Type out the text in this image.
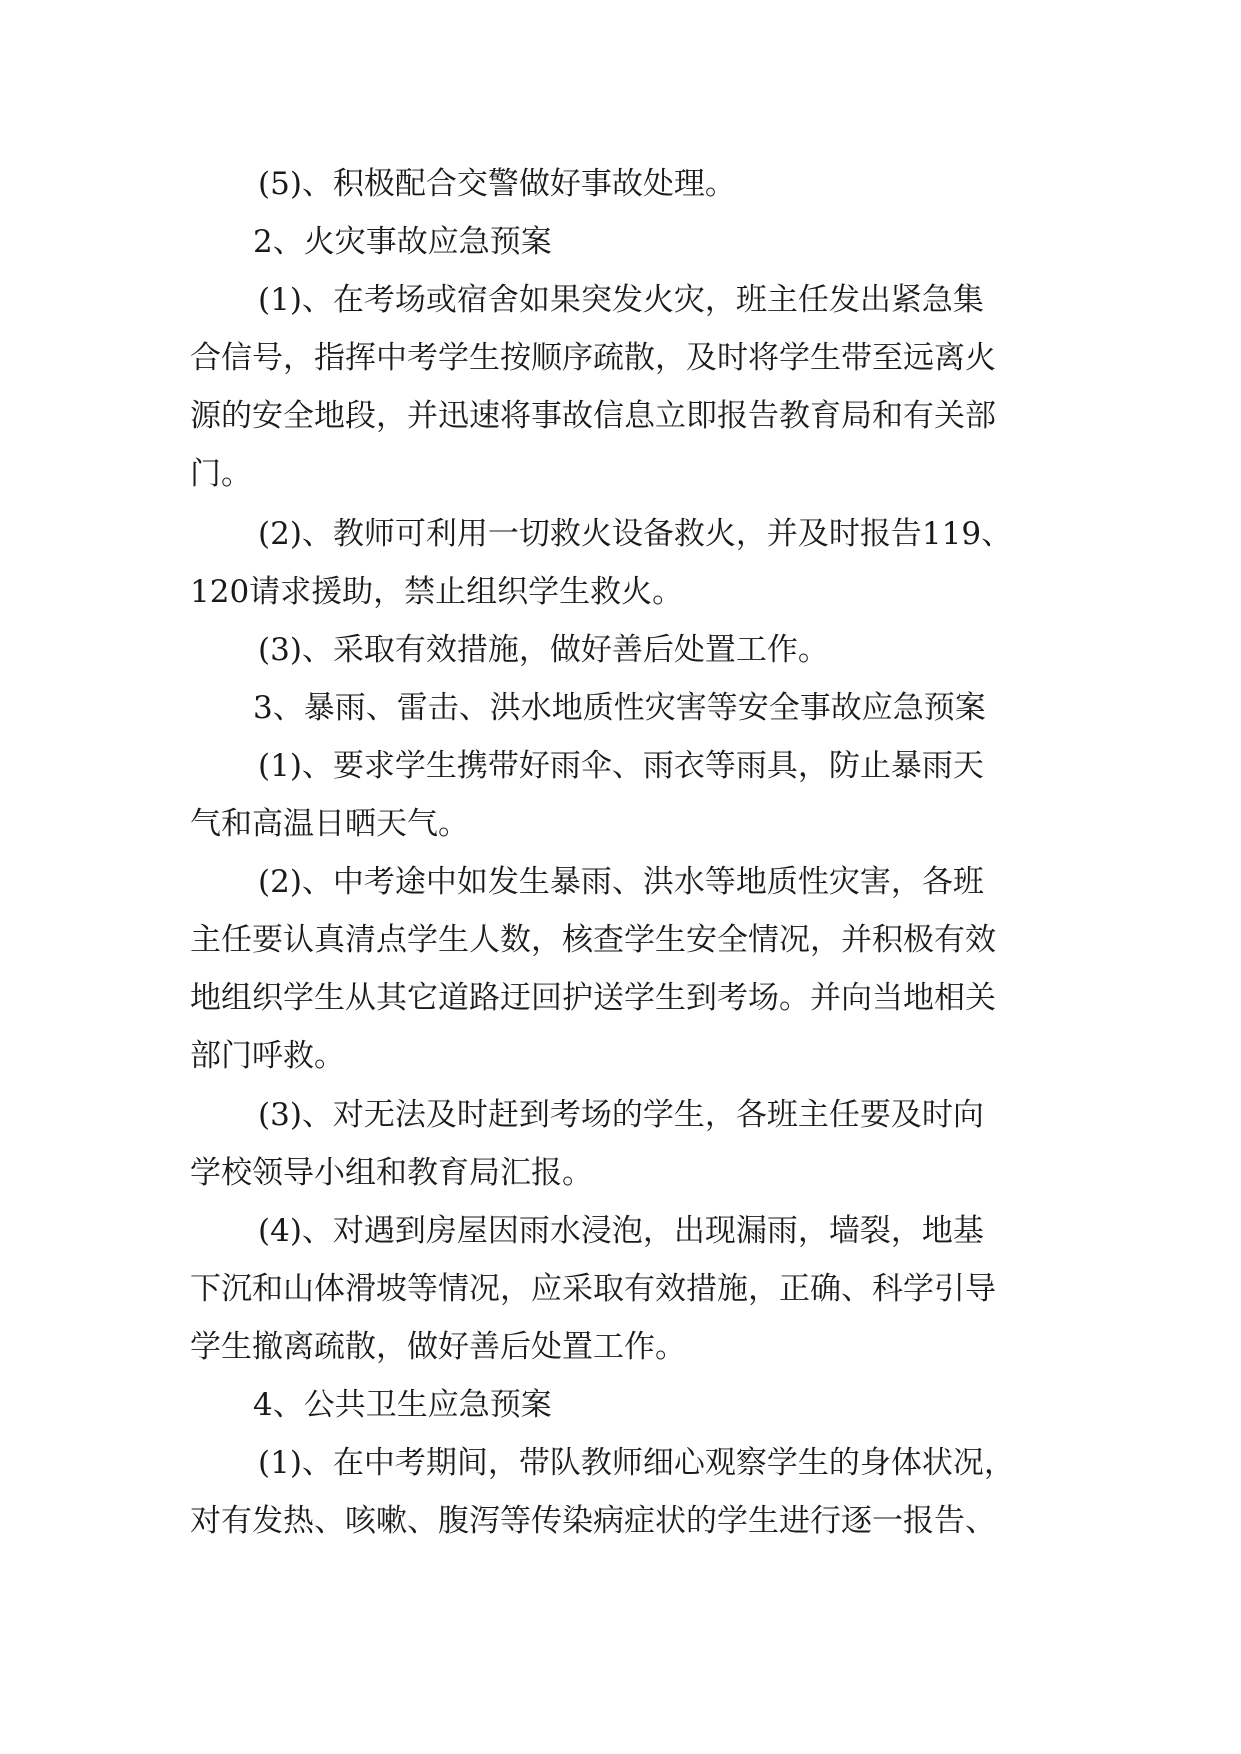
(5)、积极配合交警做好事故处理。

2、火灾事故应急预案

(1)、在考场或宿舍如果突发火灾，班主任发出紧急集

合信号，指挥中考学生按顺序疏散，及时将学生带至远离火

源的安全地段，并迅速将事故信息立即报告教育局和有关部

门。

(2)、教师可利用一切救火设备救火，并及时报告119、

120请求援助，禁止组织学生救火。

(3)、采取有效措施，做好善后处置工作。

3、暴雨、雷击、洪水地质性灾害等安全事故应急预案

(1)、要求学生携带好雨伞、雨衣等雨具，防止暴雨天

气和高温日晒天气。

(2)、中考途中如发生暴雨、洪水等地质性灾害，各班

主任要认真清点学生人数，核查学生安全情况，并积极有效

地组织学生从其它道路迂回护送学生到考场。并向当地相关

部门呼救。

(3)、对无法及时赶到考场的学生，各班主任要及时向

学校领导小组和教育局汇报。

(4)、对遇到房屋因雨水浸泡，出现漏雨，墙裂，地基

下沉和山体滑坡等情况，应采取有效措施，正确、科学引导

学生撤离疏散，做好善后处置工作。

4、公共卫生应急预案

(1)、在中考期间，带队教师细心观察学生的身体状况，

对有发热、咳嗽、腹泻等传染病症状的学生进行逐一报告、
